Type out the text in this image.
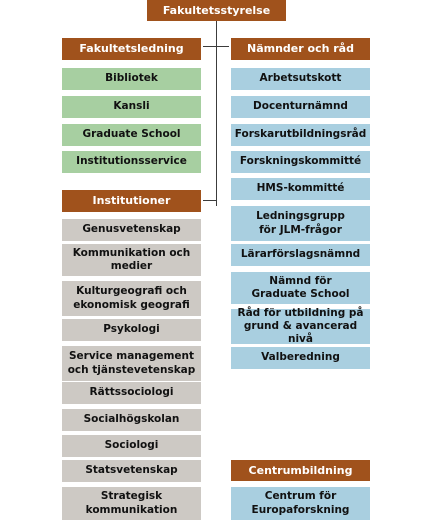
Fakultetsstyrelse
Fakultetsledning
Bibliotek
Kansli
Graduate School
Institutionsservice
Nämnder och råd
Arbetsutskott
Docenturnämnd
Forskarutbildningsråd
Forskningskommitté
HMS-kommitté
Ledningsgrupp
för JLM-frågor
Lärarförslagsnämnd
Nämnd för
Graduate School
Råd för utbildning på
grund & avancerad nivå
Valberedning
Institutioner
Genusvetenskap
Kommunikation och
medier
Kulturgeografi och
ekonomisk geografi
Psykologi
Service management
och tjänstevetenskap
Rättssociologi
Socialhögskolan
Sociologi
Statsvetenskap
Strategisk
kommunikation
Centrumbildning
Centrum för
Europaforskning
